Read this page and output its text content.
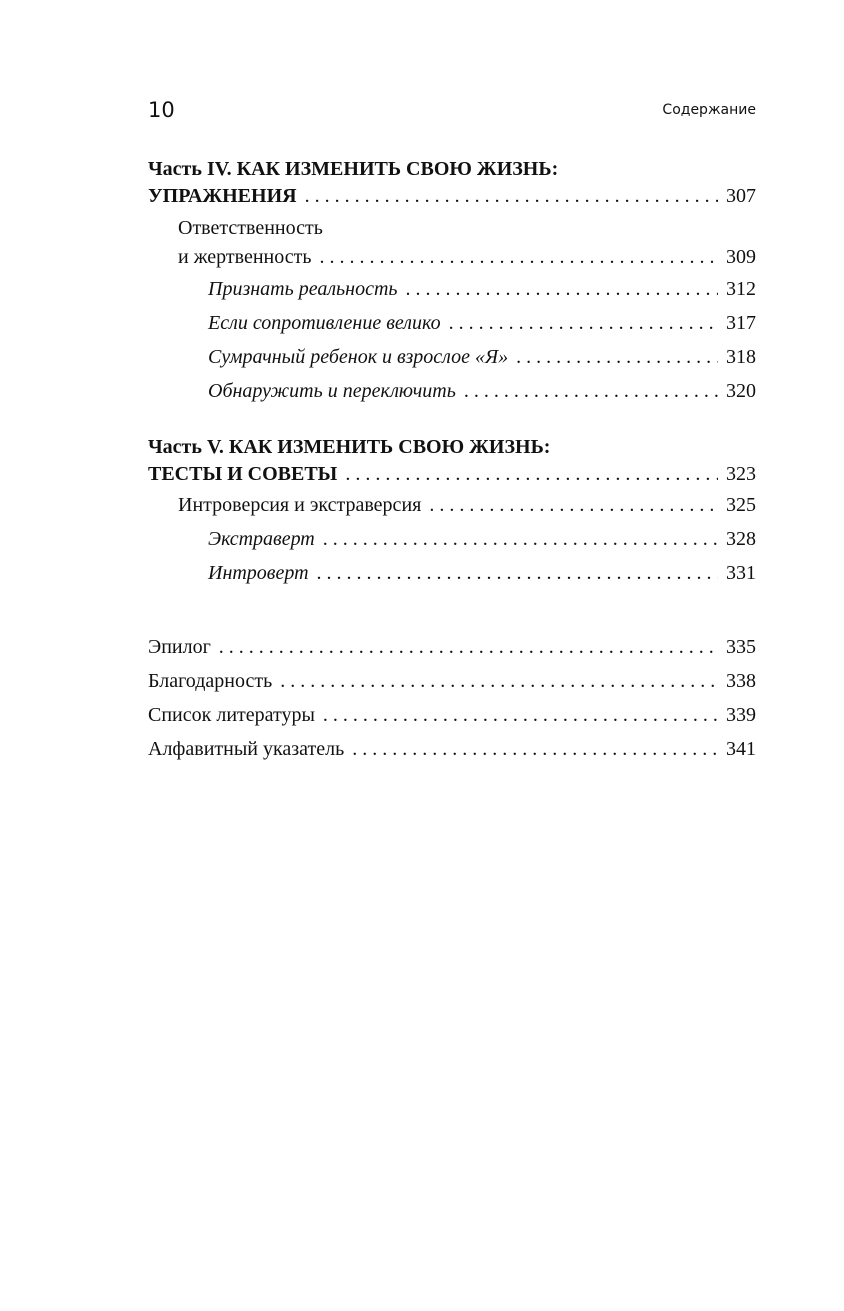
10	Содержание
Часть IV. КАК ИЗМЕНИТЬ СВОЮ ЖИЗНЬ:
УПРАЖНЕНИЯ . . .	307
Ответственность
и жертвенность . . .	309
Признать реальность . . .	312
Если сопротивление велико . . .	317
Сумрачный ребенок и взрослое «Я» . . .	318
Обнаружить и переключить . . .	320
Часть V. КАК ИЗМЕНИТЬ СВОЮ ЖИЗНЬ:
ТЕСТЫ И СОВЕТЫ . . .	323
Интроверсия и экстраверсия . . .	325
Экстраверт . . .	328
Интроверт . . .	331
Эпилог . . .	335
Благодарность . . .	338
Список литературы . . .	339
Алфавитный указатель . . .	341
